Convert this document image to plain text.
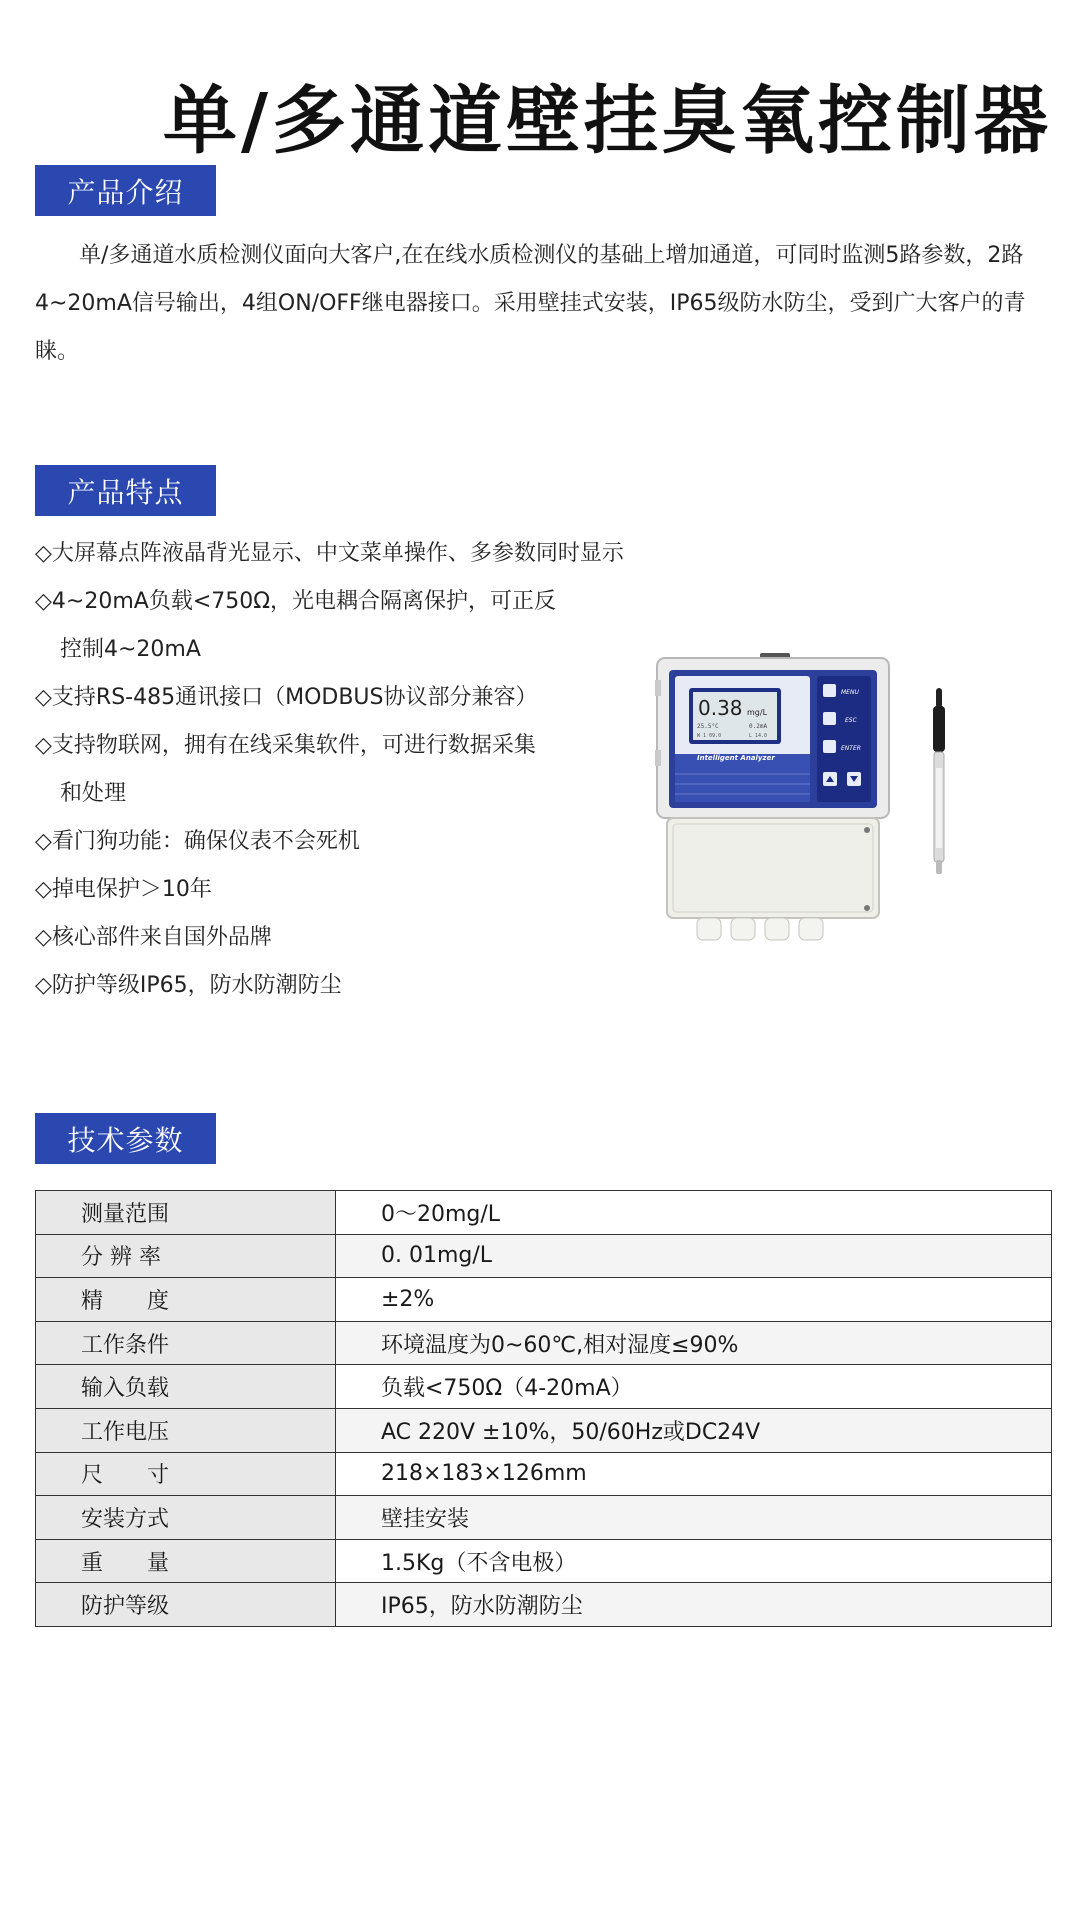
单/多通道壁挂臭氧控制器
产品介绍
　　单/多通道水质检测仪面向大客户,在在线水质检测仪的基础上增加通道，可同时监测5路参数，2路4~20mA信号输出，4组ON/OFF继电器接口。采用壁挂式安装，IP65级防水防尘，受到广大客户的青睐。
产品特点
◇大屏幕点阵液晶背光显示、中文菜单操作、多参数同时显示
◇4~20mA负载<750Ω，光电耦合隔离保护，可正反
控制4~20mA
◇支持RS-485通讯接口（MODBUS协议部分兼容）
◇支持物联网，拥有在线采集软件，可进行数据采集
和处理
◇看门狗功能：确保仪表不会死机
◇掉电保护＞10年
◇核心部件来自国外品牌
◇防护等级IP65，防水防潮防尘
0.38 mg/L
25.5°C	0.2mA
W 1 09.0	L 14.0
Intelligent Analyzer
MENU
ESC
ENTER
技术参数
测量范围	0～20mg/L
分 辨 率	0. 01mg/L
精　　度	±2%
工作条件	环境温度为0~60℃,相对湿度≤90%
输入负载	负载<750Ω（4-20mA）
工作电压	AC 220V ±10%，50/60Hz或DC24V
尺　　寸	218×183×126mm
安装方式	壁挂安装
重　　量	1.5Kg（不含电极）
防护等级	IP65，防水防潮防尘
